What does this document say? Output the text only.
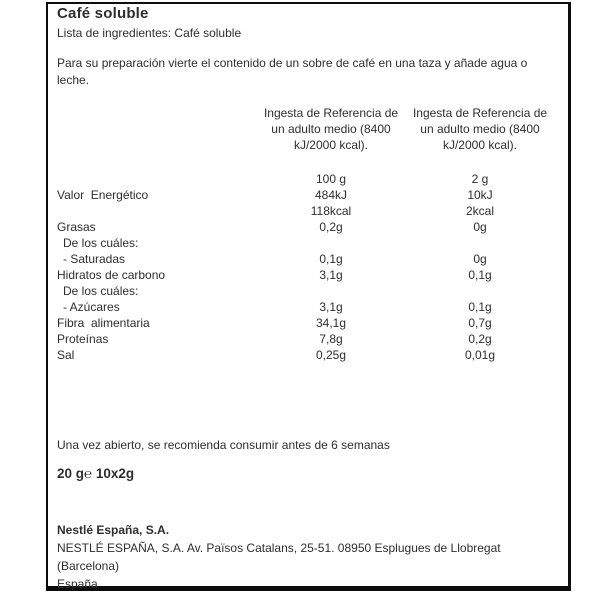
Café soluble
Lista de ingredientes: Café soluble
Para su preparación vierte el contenido de un sobre de café en una taza y añade agua o leche.
Ingesta de Referencia de un adulto medio (8400 kJ/2000 kcal).
Ingesta de Referencia de un adulto medio (8400 kJ/2000 kcal).
100 g	2 g
Valor  Energético	484kJ	10kJ
118kcal	2kcal
Grasas	0,2g	0g
De los cuáles:
- Saturadas	0,1g	0g
Hidratos de carbono	3,1g	0,1g
De los cuáles:
- Azúcares	3,1g	0,1g
Fibra  alimentaria	34,1g	0,7g
Proteínas	7,8g	0,2g
Sal	0,25g	0,01g
Una vez abierto, se recomienda consumir antes de 6 semanas
20 g℮ 10x2g
Nestlé España, S.A.
NESTLÉ ESPAÑA, S.A. Av. Països Catalans, 25-51. 08950 Esplugues de Llobregat (Barcelona)
España
